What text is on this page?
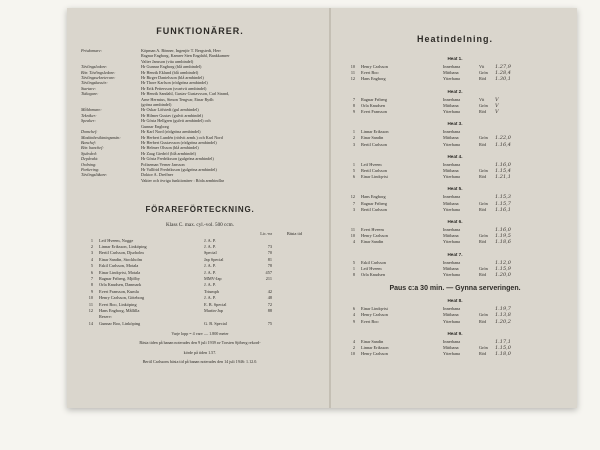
FUNKTIONÄRER.
Prisdomare:	Köpman A. Bönner, Ingenjör T. Bergstedt, Herr
Ragnar Engborg, Kamrer Sten Engdahl, Bankkamrer
Valter Jansson (vita armbindel)
Tävlingsledare:	Hr Gunnar Engborg (blå armbindel)
Bitr. Tävlingsledare:	Hr Henrik Eklund (blå armbindel)
Tävlingssekreterare:	Hr Birger Danielsson (blå armbindel)
Tävlingskassör:	Hr Thore Karlson (rödgröna armbindel)
Startare:	Hr Erik Pettersson (svartvit armbindel)
Tidtagare:	Hr Henrik Sandahl, Gustav Gustavsson, Carl Strand,
Arne Hermius, Simon Tengvar, Einar Rydh
(gröna armbindel)
Måldomare:	Hr Oskar Löfstedt (gul armbindel)
Tekniker:	Hr Hilmer Gustav (gulvit armbindel)
Speaker:	Hr Gösta Hellgren (gulvit armbindel) och
Gunnar Engborg
Domchef:	Hr Karl Nord (rödgröna armbindel)
Maskinbesiktningsmän:	Hr Herbert Lundén (rödvit armb.) och Karl Nord
Banchef:	Hr Herbert Gustavsson (rödgröna armbindel)
Bitr. banchef:	Hr Helmer Olsson (blå armbindel)
Sjukvård:	Hr Zaag Giedröf (blå armbindel)
Depåvakt:	Hr Gösta Fredriksson (gulgröna armbindel)
Ordning:	Poliseman Verner Jansson
Parkering:	Hr Vallfrid Fredriksson (gulgröna armbindel)
Tävlingsläkare:	Doktor A. Dreffner
Vakter och övriga funktionärer : Röda armbindlar
FÖRAREFÖRTECKNING.
Klass C. max. cyl.-vol. 500 ccm.
Lic.-nr	Bästa tid
1 Leif Hveem, Nogge	J. A. P.
2 Linnar Eriksson, Linköping	J. A. P.	73
3 Bertil Carlsson, Djurholm	Special	70
4 Einar Sandin, Stockholm	Jap Special	81
5 Eskil Carlsson, Motala	J. A. P.	78
6 Einar Lindqvist, Motala	J. A. P.	457
7 Ragnar Friberg, Mjölby	MMV-Jap	211
8 Orla Knudsen, Danmark	J. A. P.
9 Evert Fransson, Kumla	Triumph	42
10 Henry Carlsson, Göteborg	J. A. P.	48
11 Evert Boo, Linköping	E. B. Special	72
12 Hans Engborg, Mållilla	Martin-Jap	88
Reserv:
14 Gunnar Boo, Linköping	G. B. Special	75
Varje lopp = 4 varv — 1.800 meter
Bästa tiden på banan noterades den 9 juli 1939 av Torsten Sjöberg rekord-
körde på tiden 1.57.
Bertil Carlssons bästa tid på banan noterades den 14 juli 1946: 1.12.0.
Heatindelning.
Heat 1.
10 Henry Carlsson	Innerbana	Vit	1.27,9
11 Evert Boo	Mittbana	Grön	1.28,4
12 Hans Engborg	Ytterbana	Röd	1.30,1
Heat 2.
7 Ragnar Friberg	Innerbana	Vit	V
8 Orla Knudsen	Mittbana	Grön	V
9 Evert Fransson	Ytterbana	Röd	V
Heat 3.
1 Linnar Eriksson	Innerbana
2 Einar Sandin	Mittbana	Grön	1.22,0
3 Bertil Carlsson	Ytterbana	Röd	1.16,4
Heat 4.
1 Leif Hveem	Innerbana	1.16,0
5 Bertil Carlsson	Mittbana	Grön	1.15,4
6 Einar Lindqvist	Ytterbana	Röd	1.21,1
Heat 5.
12 Hans Engborg	Innerbana	1.15,3
7 Ragnar Friberg	Mittbana	Grön	1.15,7
3 Bertil Carlsson	Ytterbana	Röd	1.16,1
Heat 6.
11 Evert Hveem	Innerbana	1.16,0
10 Henry Carlsson	Mittbana	Grön	1.19,5
4 Einar Sandin	Ytterbana	Röd	1.18,6
Heat 7.
5 Eskil Carlsson	Innerbana	1.12,0
1 Leif Hveem	Mittbana	Grön	1.15,9
8 Orla Knudsen	Ytterbana	Röd	1.20,0
Paus c:a 30 min. — Gynna serveringen.
Heat 8.
6 Einar Lindqvist	Innerbana	1.19,7
4 Henry Carlsson	Mittbana	Grön	1.13,8
9 Evert Boo	Ytterbana	Röd	1.20,2
Heat 9.
4 Einar Sandin	Innerbana	1.17,1
2 Linnar Eriksson	Mittbana	Grön	1.15,0
10 Henry Carlsson	Ytterbana	Röd	1.18,0
